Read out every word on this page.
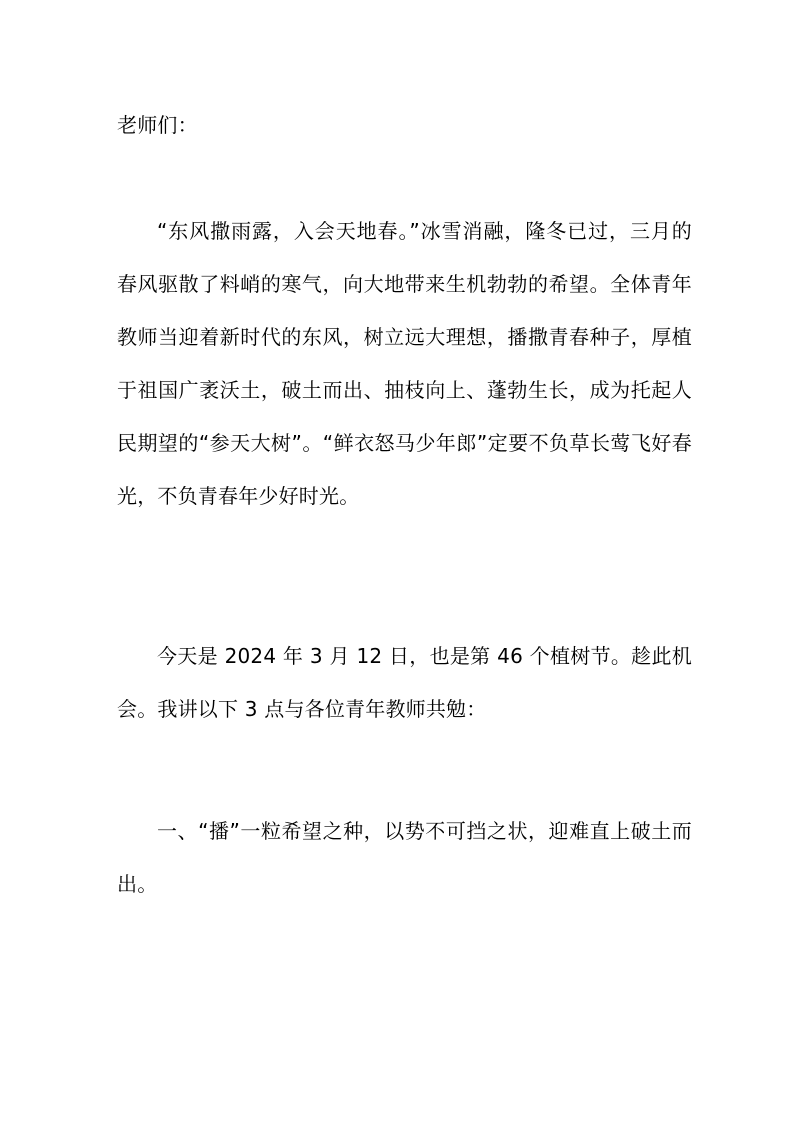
老师们：

“东风撒雨露，入会天地春。”冰雪消融，隆冬已过，三月的春风驱散了料峭的寒气，向大地带来生机勃勃的希望。全体青年教师当迎着新时代的东风，树立远大理想，播撒青春种子，厚植于祖国广袤沃土，破土而出、抽枝向上、蓬勃生长，成为托起人民期望的“参天大树”。“鲜衣怒马少年郎”定要不负草长莺飞好春光，不负青春年少好时光。

今天是 2024 年 3 月 12 日，也是第 46 个植树节。趁此机会。我讲以下 3 点与各位青年教师共勉：

一、“播”一粒希望之种，以势不可挡之状，迎难直上破土而出。
